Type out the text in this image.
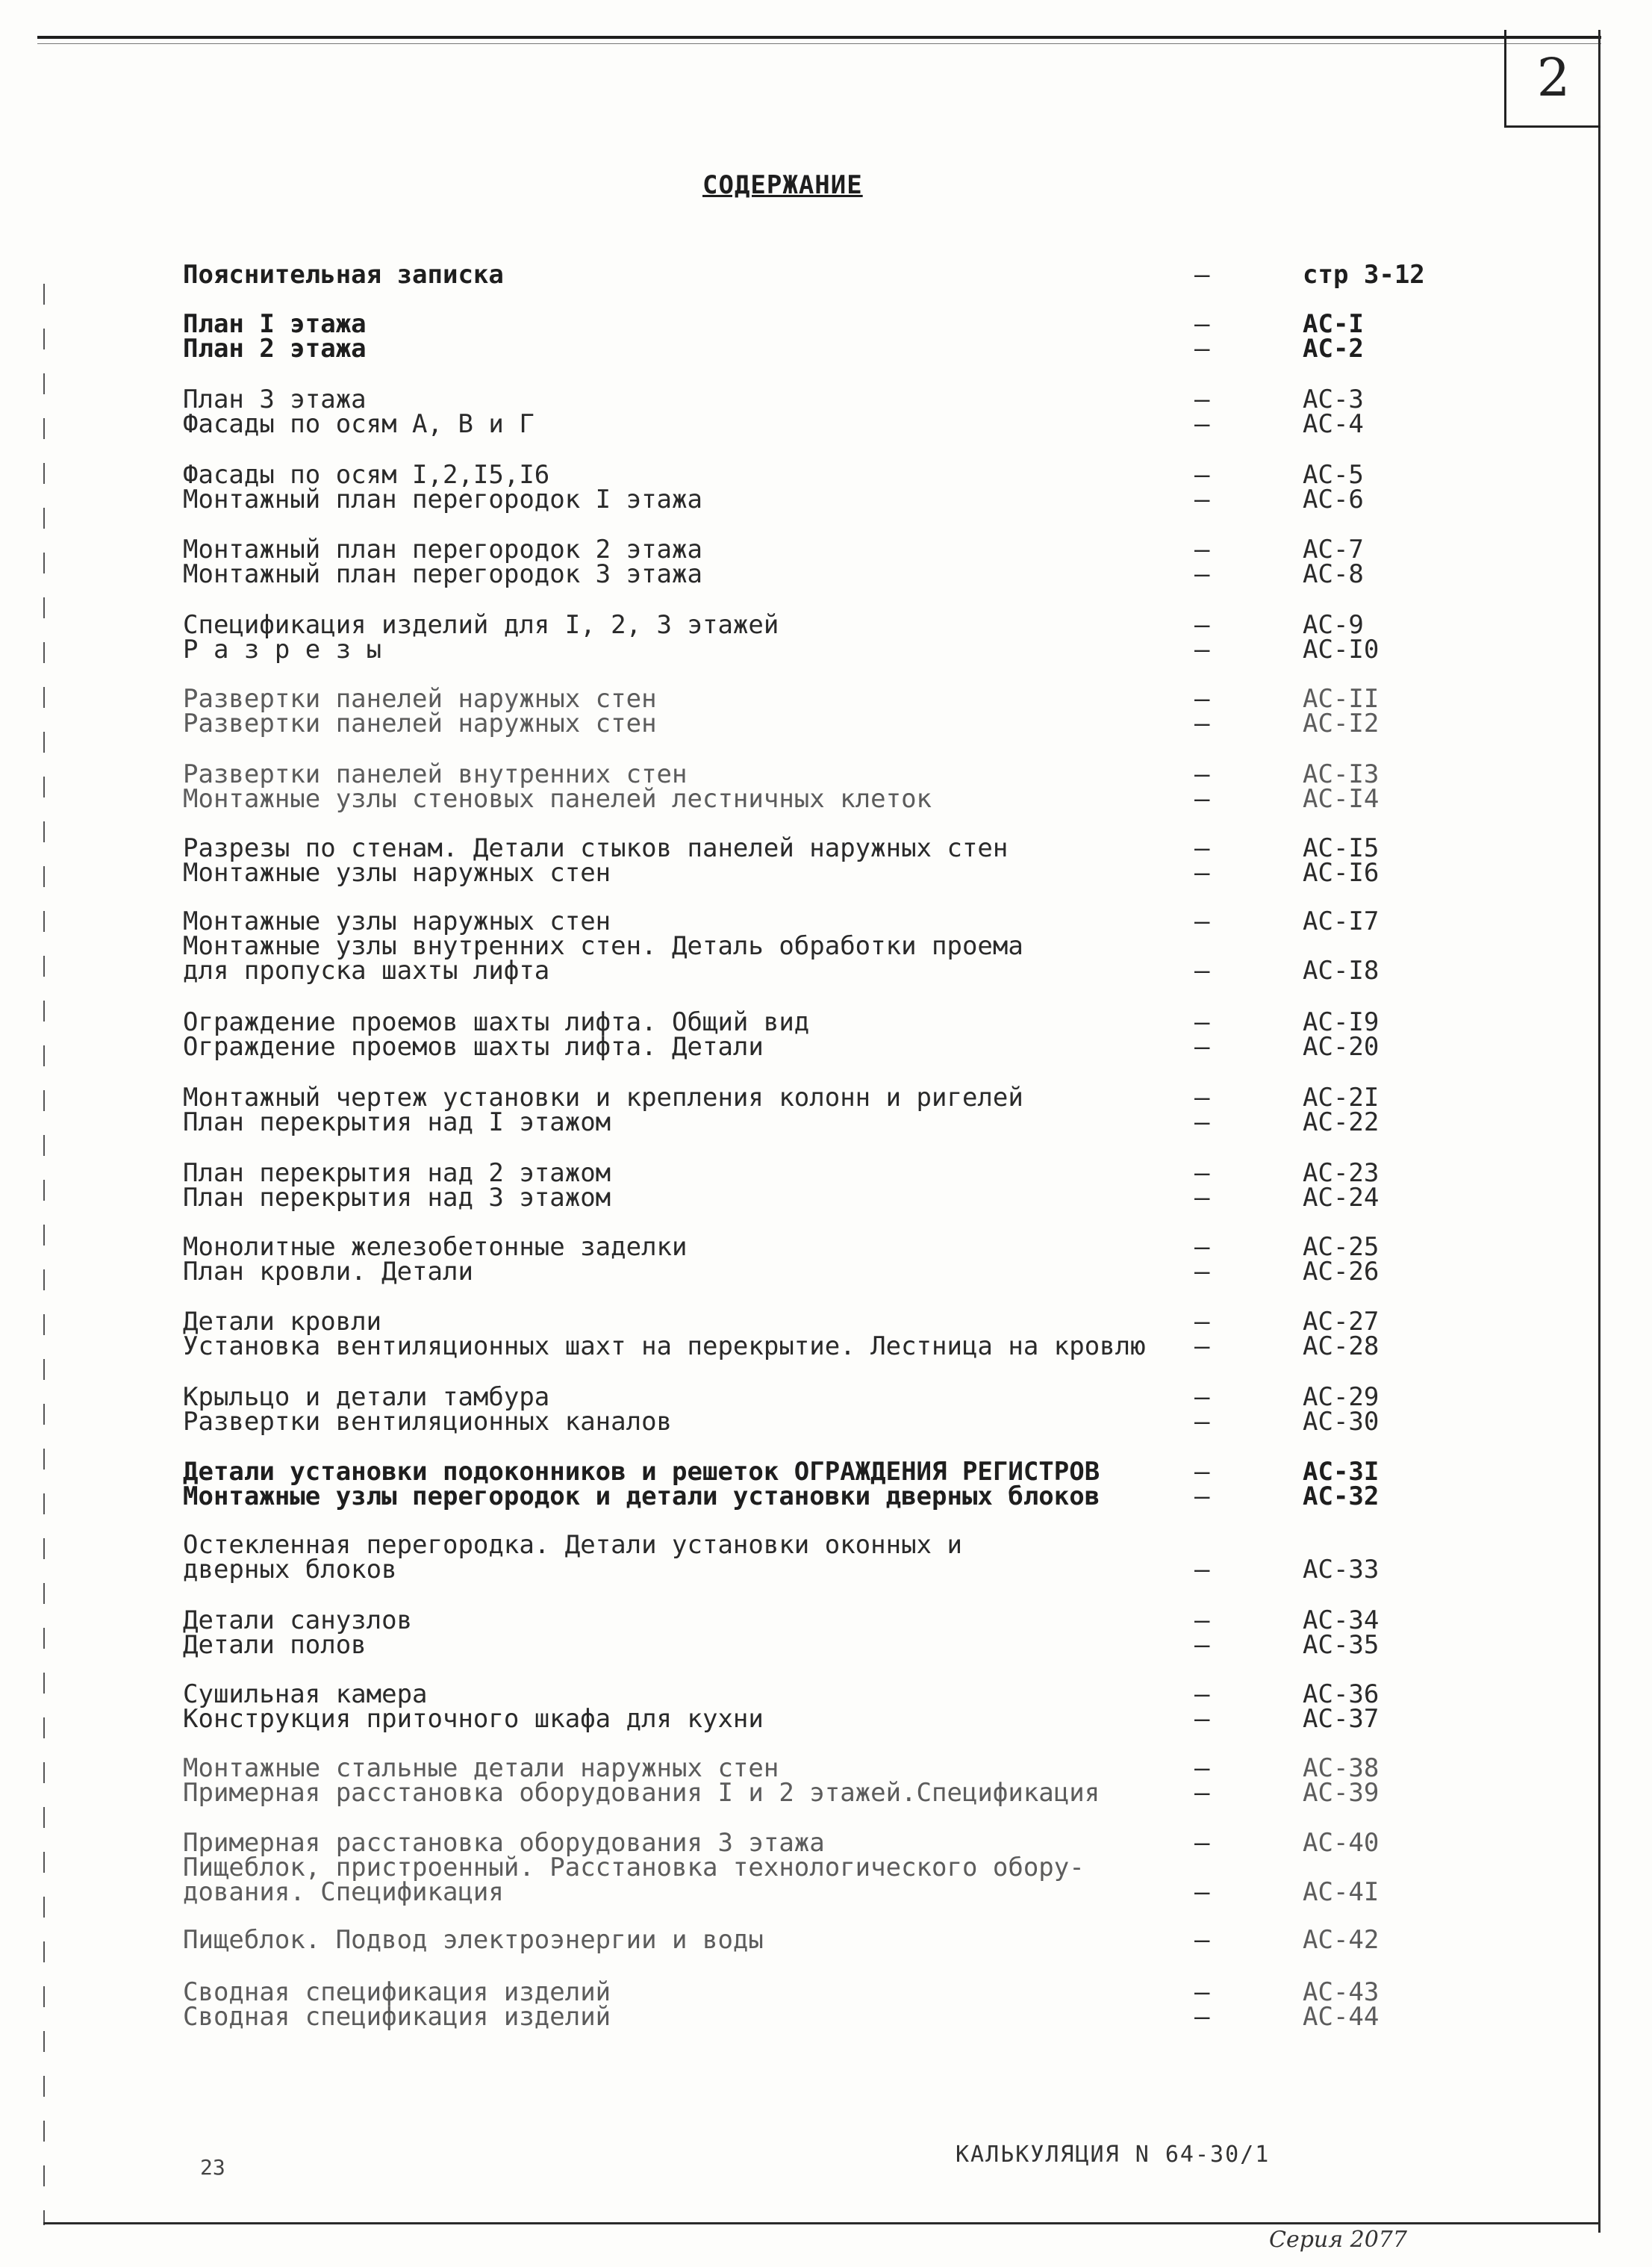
2
СОДЕРЖАНИЕ
Пояснительная записка	–	стр 3-12
План I этажа	–	АС-I
План 2 этажа	–	АС-2
План 3 этажа	–	АС-3
Фасады по осям А, В и Г	–	АС-4
Фасады по осям I,2,I5,I6	–	АС-5
Монтажный план перегородок I этажа	–	АС-6
Монтажный план перегородок 2 этажа	–	АС-7
Монтажный план перегородок 3 этажа	–	АС-8
Спецификация изделий для I, 2, 3 этажей	–	АС-9
Р а з р е з ы	–	АС-I0
Развертки панелей наружных стен	–	АС-II
Развертки панелей наружных стен	–	АС-I2
Развертки панелей внутренних стен	–	АС-I3
Монтажные узлы стеновых панелей лестничных клеток	–	АС-I4
Разрезы по стенам. Детали стыков панелей наружных стен	–	АС-I5
Монтажные узлы наружных стен	–	АС-I6
Монтажные узлы наружных стен	–	АС-I7
Монтажные узлы внутренних стен. Деталь обработки проема
для пропуска шахты лифта	–	АС-I8
Ограждение проемов шахты лифта. Общий вид	–	АС-I9
Ограждение проемов шахты лифта. Детали	–	АС-20
Монтажный чертеж установки и крепления колонн и ригелей	–	АС-2I
План перекрытия над I этажом	–	АС-22
План перекрытия над 2 этажом	–	АС-23
План перекрытия над 3 этажом	–	АС-24
Монолитные железобетонные заделки	–	АС-25
План кровли. Детали	–	АС-26
Детали кровли	–	АС-27
Установка вентиляционных шахт на перекрытие. Лестница на кровлю –	АС-28
Крыльцо и детали тамбура	–	АС-29
Развертки вентиляционных каналов	–	АС-30
Детали установки подоконников и решеток ОГРАЖДЕНИЯ РЕГИСТРОВ	–	АС-3I
Монтажные узлы перегородок и детали установки дверных блоков	–	АС-32
Остекленная перегородка. Детали установки оконных и
дверных блоков	–	АС-33
Детали санузлов	–	АС-34
Детали полов	–	АС-35
Сушильная камера	–	АС-36
Конструкция приточного шкафа для кухни	–	АС-37
Монтажные стальные детали наружных стен	–	АС-38
Примерная расстановка оборудования I и 2 этажей.Спецификация	–	АС-39
Примерная расстановка оборудования 3 этажа	–	АС-40
Пищеблок, пристроенный. Расстановка технологического обору-
дования. Спецификация	–	АС-4I
Пищеблок. Подвод электроэнергии и воды	–	АС-42
Сводная спецификация изделий	–	АС-43
Сводная спецификация изделий	–	АС-44
23	КАЛЬКУЛЯЦИЯ N 64-30/1
Серия 2077
